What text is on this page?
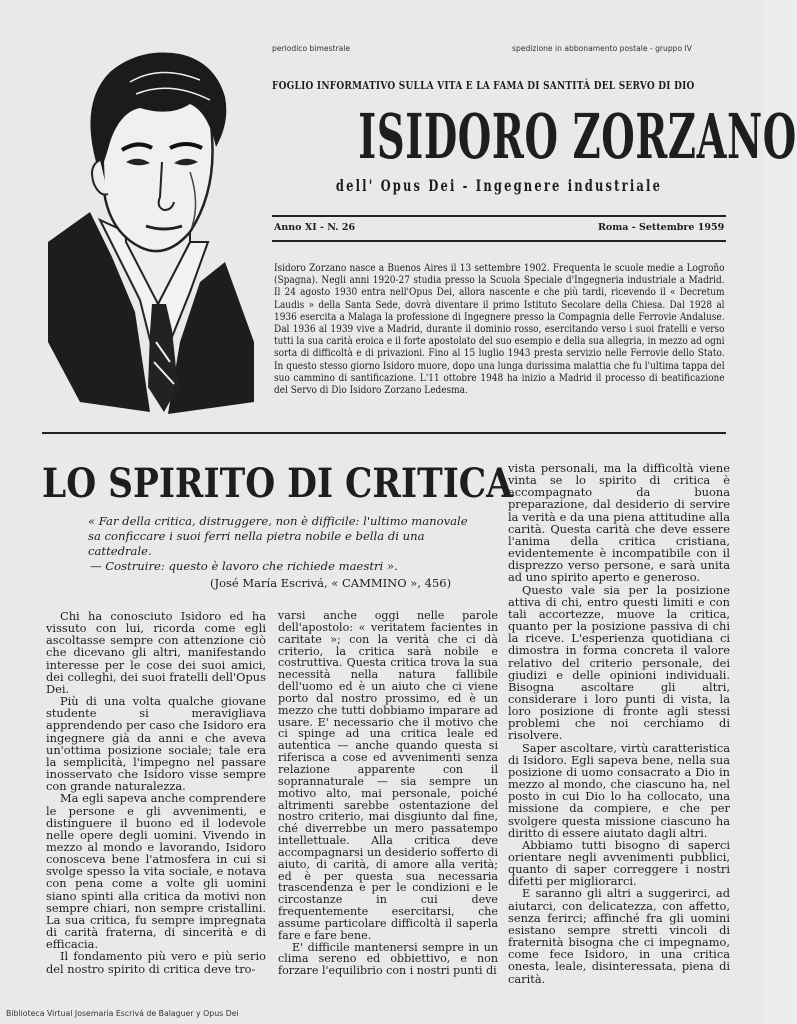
periodico bimestrale	spedizione in abbonamento postale - gruppo IV
FOGLIO INFORMATIVO SULLA VITA E LA FAMA DI SANTITÀ DEL SERVO DI DIO
ISIDORO ZORZANO
dell' Opus Dei - Ingegnere industriale
Anno XI - N. 26	Roma - Settembre 1959
Isidoro Zorzano nasce a Buenos Aires il 13 settembre 1902. Frequenta le scuole medie a Logroño (Spagna). Negli anni 1920-27 studia presso la Scuola Speciale d'Ingegneria industriale a Madrid. Il 24 agosto 1930 entra nell'Opus Dei, allora nascente e che più tardi, ricevendo il « Decretum Laudis » della Santa Sede, dovrà diventare il primo Istituto Secolare della Chiesa. Dal 1928 al 1936 esercita a Malaga la professione di Ingegnere presso la Compagnia delle Ferrovie Andaluse. Dal 1936 al 1939 vive a Madrid, durante il dominio rosso, esercitando verso i suoi fratelli e verso tutti la sua carità eroica e il forte apostolato del suo esempio e della sua allegria, in mezzo ad ogni sorta di difficoltà e di privazioni. Fino al 15 luglio 1943 presta servizio nelle Ferrovie dello Stato. In questo stesso giorno Isidoro muore, dopo una lunga durissima malattia che fu l'ultima tappa del suo cammino di santificazione. L'11 ottobre 1948 ha inizio a Madrid il processo di beatificazione del Servo di Dio Isidoro Zorzano Ledesma.
LO SPIRITO DI CRITICA
« Far della critica, distruggere, non è difficile: l'ultimo manovale sa conficcare i suoi ferri nella pietra nobile e bella di una cattedrale.
— Costruire: questo è lavoro che richiede maestri ».
(José María Escrivá, « CAMMINO », 456)

Chi ha conosciuto Isidoro ed ha vissuto con lui, ricorda come egli ascoltasse sempre con attenzione ciò che dicevano gli altri, manifestando interesse per le cose dei suoi amici, dei colleghi, dei suoi fratelli dell'Opus Dei.

Più di una volta qualche giovane studente si meravigliava apprendendo per caso che Isidoro era ingegnere già da anni e che aveva un'ottima posizione sociale; tale era la semplicità, l'impegno nel passare inosservato che Isidoro visse sempre con grande naturalezza.

Ma egli sapeva anche comprendere le persone e gli avvenimenti, e distinguere il buono ed il lodevole nelle opere degli uomini. Vivendo in mezzo al mondo e lavorando, Isidoro conosceva bene l'atmosfera in cui si svolge spesso la vita sociale, e notava con pena come a volte gli uomini siano spinti alla critica da motivi non sempre chiari, non sempre cristallini. La sua critica, fu sempre impregnata di carità fraterna, di sincerità e di efficacia.

Il fondamento più vero e più serio del nostro spirito di critica deve tro-

varsi anche oggi nelle parole dell'apostolo: « veritatem facientes in caritate »; con la verità che ci dà criterio, la critica sarà nobile e costruttiva. Questa critica trova la sua necessità nella natura fallibile dell'uomo ed è un aiuto che ci viene porto dal nostro prossimo, ed è un mezzo che tutti dobbiamo imparare ad usare. E' necessario che il motivo che ci spinge ad una critica leale ed autentica — anche quando questa si riferisca a cose ed avvenimenti senza relazione apparente con il soprannaturale — sia sempre un motivo alto, mai personale, poiché altrimenti sarebbe ostentazione del nostro criterio, mai disgiunto dal fine, ché diverrebbe un mero passatempo intellettuale. Alla critica deve accompagnarsi un desiderio sofferto di aiuto, di carità, di amore alla verità; ed è per questa sua necessaria trascendenza e per le condizioni e le circostanze in cui deve frequentemente esercitarsi, che assume particolare difficoltà il saperla fare e fare bene.

E' difficile mantenersi sempre in un clima sereno ed obbiettivo, e non forzare l'equilibrio con i nostri punti di

vista personali, ma la difficoltà viene vinta se lo spirito di critica è accompagnato da buona preparazione, dal desiderio di servire la verità e da una piena attitudine alla carità. Questa carità che deve essere l'anima della critica cristiana, evidentemente è incompatibile con il disprezzo verso persone, e sarà unita ad uno spirito aperto e generoso.

Questo vale sia per la posizione attiva di chi, entro questi limiti e con tali accortezze, muove la critica, quanto per la posizione passiva di chi la riceve. L'esperienza quotidiana ci dimostra in forma concreta il valore relativo del criterio personale, dei giudizi e delle opinioni individuali. Bisogna ascoltare gli altri, considerare i loro punti di vista, la loro posizione di fronte agli stessi problemi che noi cerchiamo di risolvere.

Saper ascoltare, virtù caratteristica di Isidoro. Egli sapeva bene, nella sua posizione di uomo consacrato a Dio in mezzo al mondo, che ciascuno ha, nel posto in cui Dio lo ha collocato, una missione da compiere, e che per svolgere questa missione ciascuno ha diritto di essere aiutato dagli altri.

Abbiamo tutti bisogno di saperci orientare negli avvenimenti pubblici, quanto di saper correggere i nostri difetti per migliorarci.

E saranno gli altri a suggerirci, ad aiutarci, con delicatezza, con affetto, senza ferirci; affinché fra gli uomini esistano sempre stretti vincoli di fraternità bisogna che ci impegnamo, come fece Isidoro, in una critica onesta, leale, disinteressata, piena di carità.

Biblioteca Virtual Josemaría Escrivá de Balaguer y Opus Dei
